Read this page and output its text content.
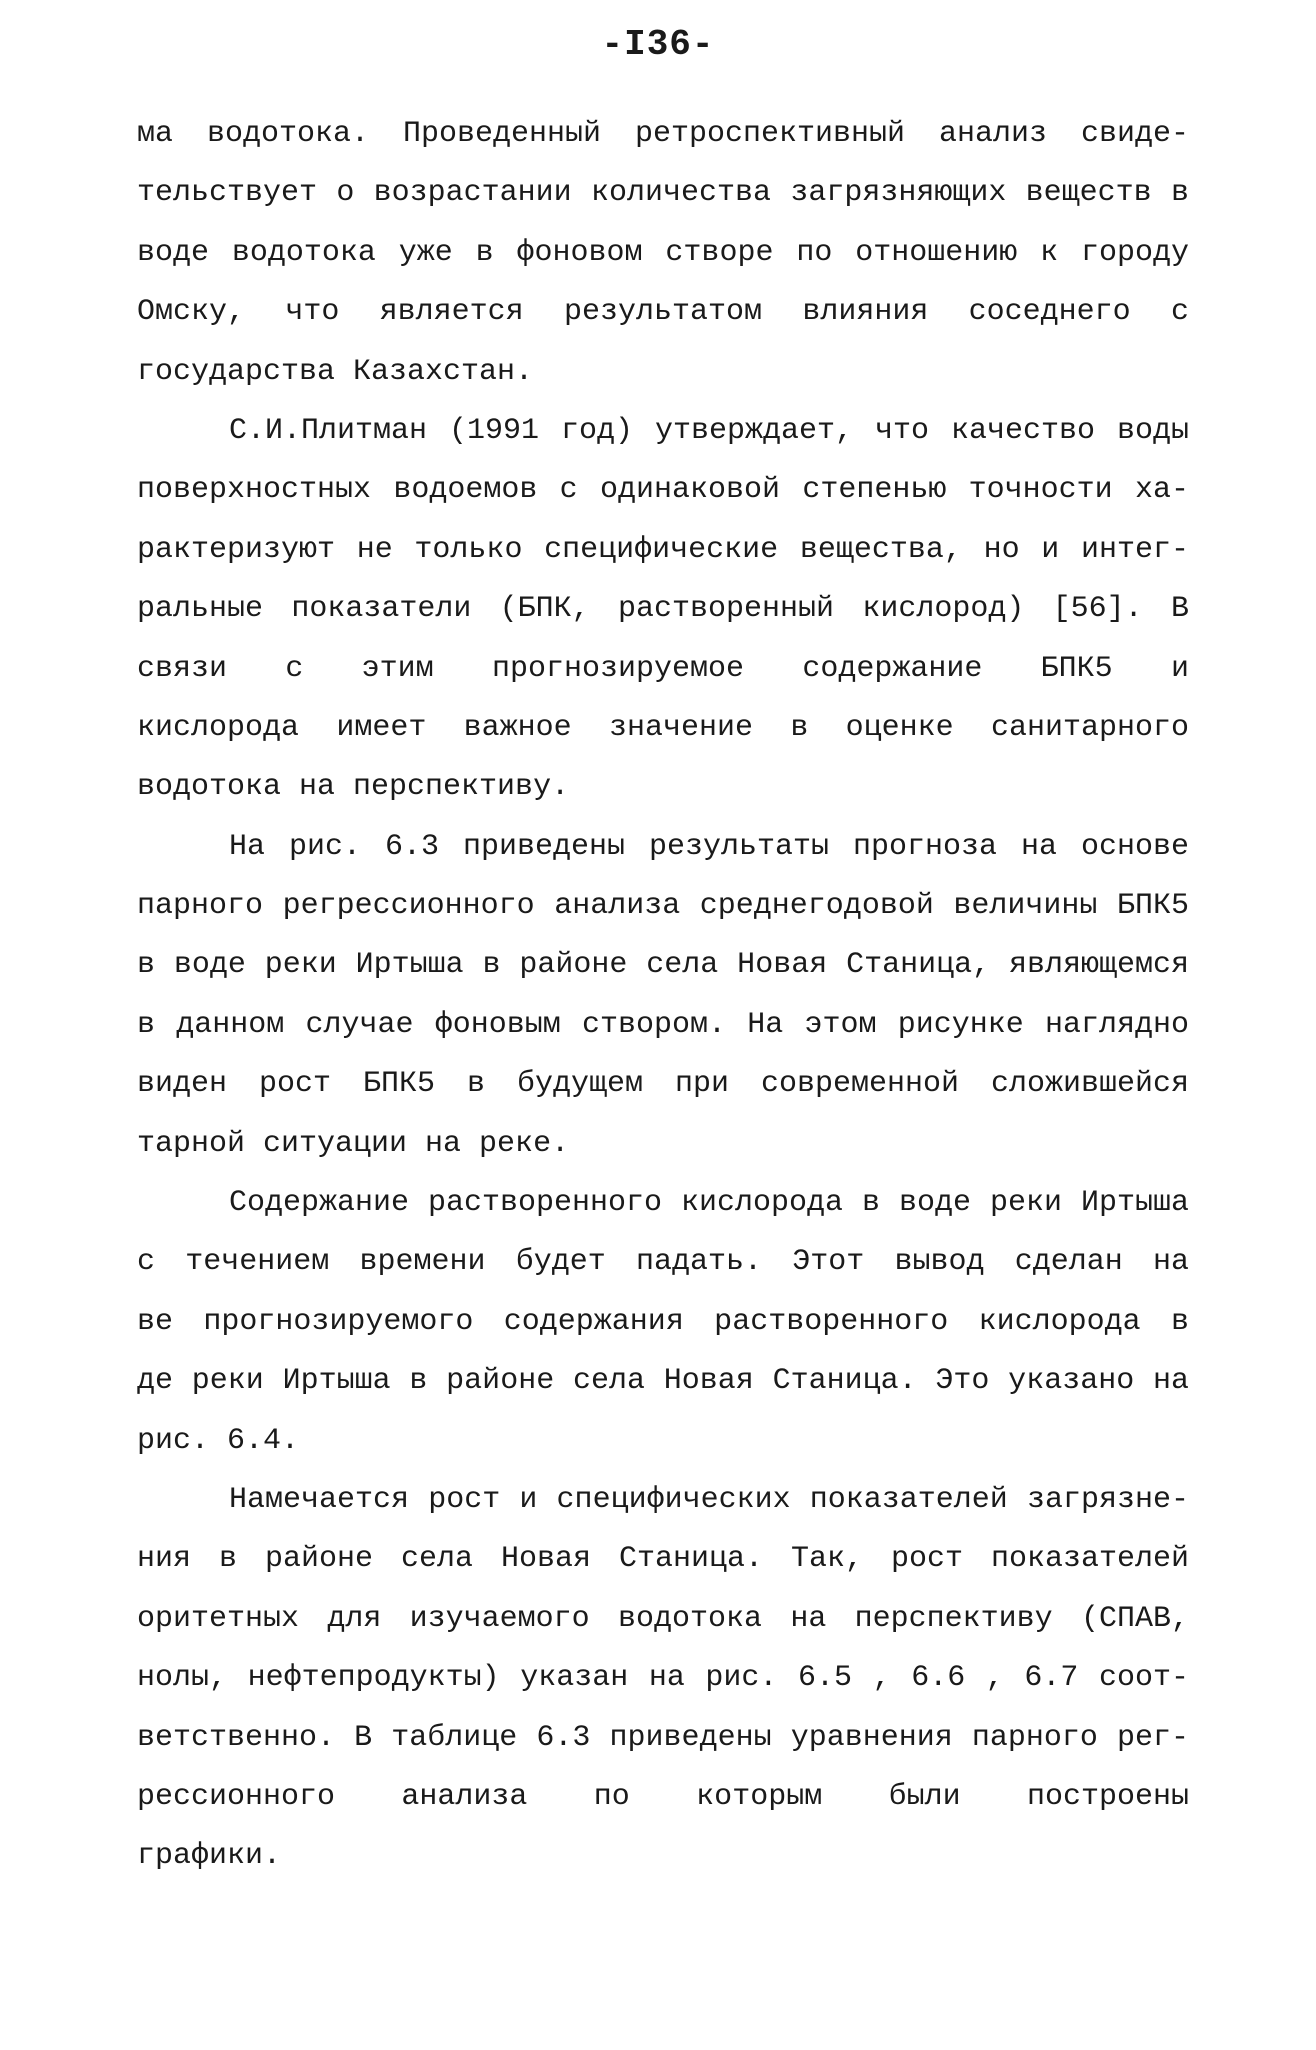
-I36-
ма водотока. Проведенный ретроспективный анализ свиде-
тельствует о возрастании количества загрязняющих веществ в
воде водотока уже в фоновом створе по отношению к городу
Омску, что является результатом влияния соседнего с
государства Казахстан.
С.И.Плитман (1991 год) утверждает, что качество воды
поверхностных водоемов с одинаковой степенью точности ха-
рактеризуют не только специфические вещества, но и интег-
ральные показатели (БПК, растворенный кислород) [56]. В
связи с этим прогнозируемое содержание БПК5 и
кислорода имеет важное значение в оценке санитарного
водотока на перспективу.
На рис. 6.3 приведены результаты прогноза на основе
парного регрессионного анализа среднегодовой величины БПК5
в воде реки Иртыша в районе села Новая Станица, являющемся
в данном случае фоновым створом. На этом рисунке наглядно
виден рост БПК5 в будущем при современной сложившейся
тарной ситуации на реке.
Содержание растворенного кислорода в воде реки Иртыша
с течением времени будет падать. Этот вывод сделан на
ве прогнозируемого содержания растворенного кислорода в
де реки Иртыша в районе села Новая Станица. Это указано на
рис. 6.4.
Намечается рост и специфических показателей загрязне-
ния в районе села Новая Станица. Так, рост показателей
оритетных для изучаемого водотока на перспективу (СПАВ,
нолы, нефтепродукты) указан на рис. 6.5 , 6.6 , 6.7 соот-
ветственно. В таблице 6.3 приведены уравнения парного рег-
рессионного анализа по которым были построены
графики.
